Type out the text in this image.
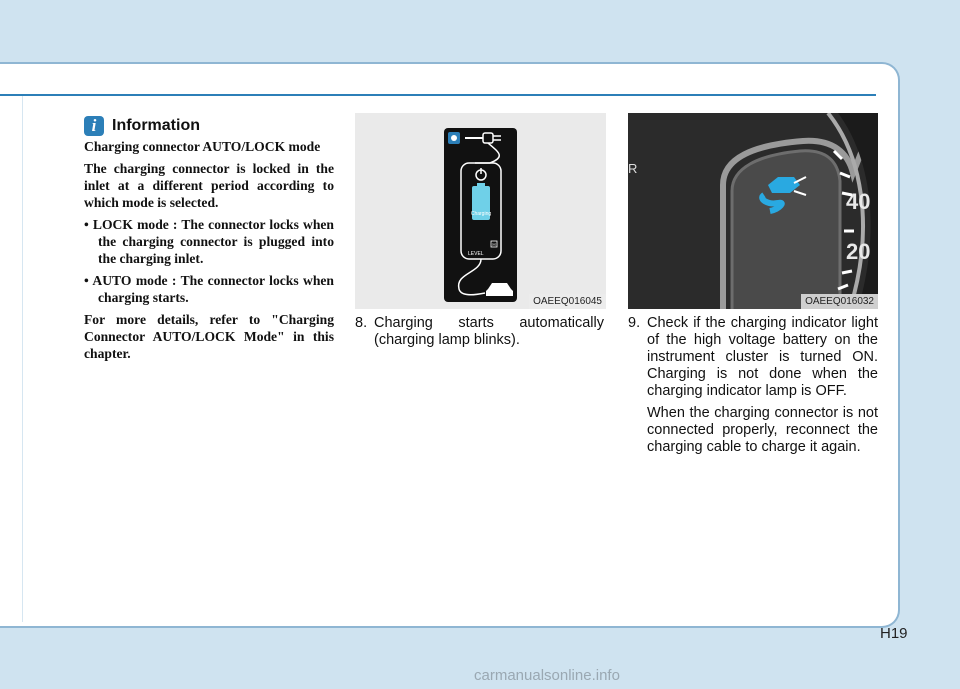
i Information

Charging connector AUTO/LOCK mode

The charging connector is locked in the inlet at a different period according to which mode is selected.

• LOCK mode : The connector locks when the charging connector is plugged into the charging inlet.

• AUTO mode : The connector locks when charging starts.

For more details, refer to "Charging Connector AUTO/LOCK Mode" in this chapter.

Charging
H
LEVEL
OAEEQ016045
R
40
20
OAEEQ016032
8. Charging starts automatically (charging lamp blinks).

9. Check if the charging indicator light of the high voltage battery on the instrument cluster is turned ON. Charging is not done when the charging indicator lamp is OFF.

When the charging connector is not connected properly, reconnect the charging cable to charge it again.

H19
carmanualsonline.info
